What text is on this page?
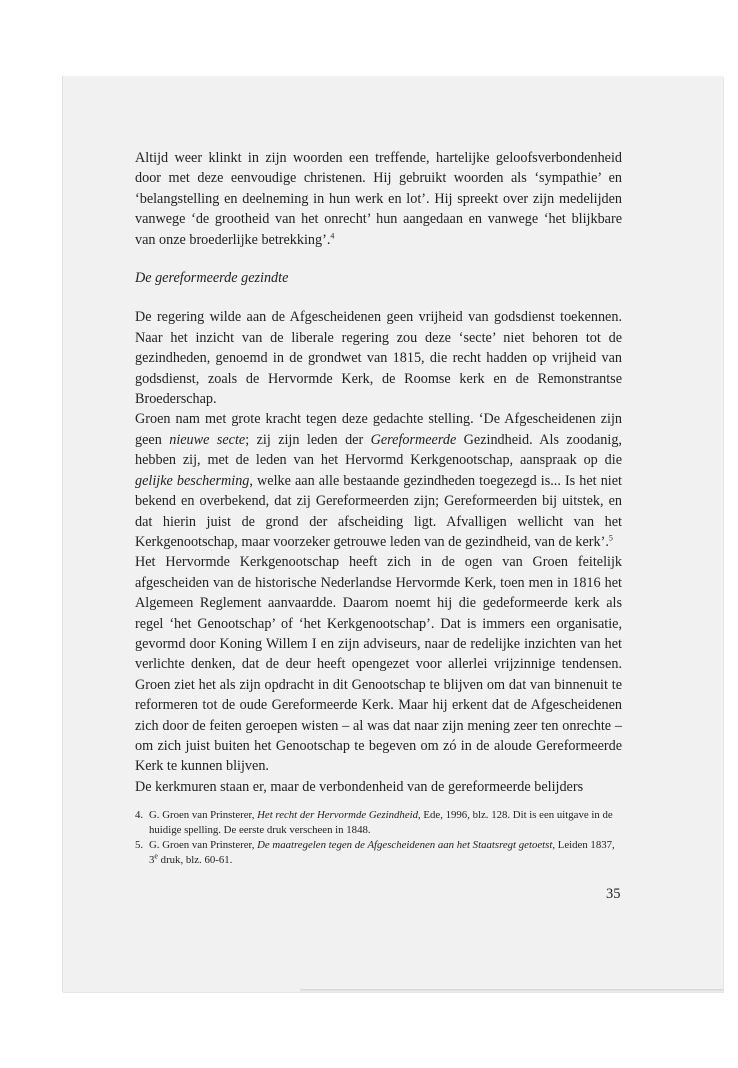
Altijd weer klinkt in zijn woorden een treffende, hartelijke geloofsverbondenheid door met deze eenvoudige christenen. Hij gebruikt woorden als ‘sympathie’ en ‘belangstelling en deelneming in hun werk en lot’. Hij spreekt over zijn medelijden vanwege ‘de grootheid van het onrecht’ hun aangedaan en vanwege ‘het blijkbare van onze broederlijke betrekking’.$^4$

De gereformeerde gezindte

De regering wilde aan de Afgescheidenen geen vrijheid van godsdienst toekennen. Naar het inzicht van de liberale regering zou deze ‘secte’ niet behoren tot de gezindheden, genoemd in de grondwet van 1815, die recht hadden op vrijheid van godsdienst, zoals de Hervormde Kerk, de Roomse kerk en de Remonstrantse Broederschap.

Groen nam met grote kracht tegen deze gedachte stelling. ‘De Afgescheidenen zijn geen nieuwe secte; zij zijn leden der Gereformeerde Gezindheid. Als zoodanig, hebben zij, met de leden van het Hervormd Kerkgenootschap, aanspraak op die gelijke bescherming, welke aan alle bestaande gezindheden toegezegd is... Is het niet bekend en overbekend, dat zij Gereformeerden zijn; Gereformeerden bij uitstek, en dat hierin juist de grond der afscheiding ligt. Afvalligen wellicht van het Kerkgenootschap, maar voorzeker getrouwe leden van de gezindheid, van de kerk’.$^5$

Het Hervormde Kerkgenootschap heeft zich in de ogen van Groen feitelijk afgescheiden van de historische Nederlandse Hervormde Kerk, toen men in 1816 het Algemeen Reglement aanvaardde. Daarom noemt hij die gedeformeerde kerk als regel ‘het Genootschap’ of ‘het Kerkgenootschap’. Dat is immers een organisatie, gevormd door Koning Willem I en zijn adviseurs, naar de redelijke inzichten van het verlichte denken, dat de deur heeft opengezet voor allerlei vrijzinnige tendensen. Groen ziet het als zijn opdracht in dit Genootschap te blijven om dat van binnenuit te reformeren tot de oude Gereformeerde Kerk. Maar hij erkent dat de Afgescheidenen zich door de feiten geroepen wisten – al was dat naar zijn mening zeer ten onrechte – om zich juist buiten het Genootschap te begeven om zó in de aloude Gereformeerde Kerk te kunnen blijven.

De kerkmuren staan er, maar de verbondenheid van de gereformeerde belijders

4. G. Groen van Prinsterer, Het recht der Hervormde Gezindheid, Ede, 1996, blz. 128. Dit is een uitgave in de huidige spelling. De eerste druk verscheen in 1848.
5. G. Groen van Prinsterer, De maatregelen tegen de Afgescheidenen aan het Staatsregt getoetst, Leiden 1837, 3e druk, blz. 60-61.
35
